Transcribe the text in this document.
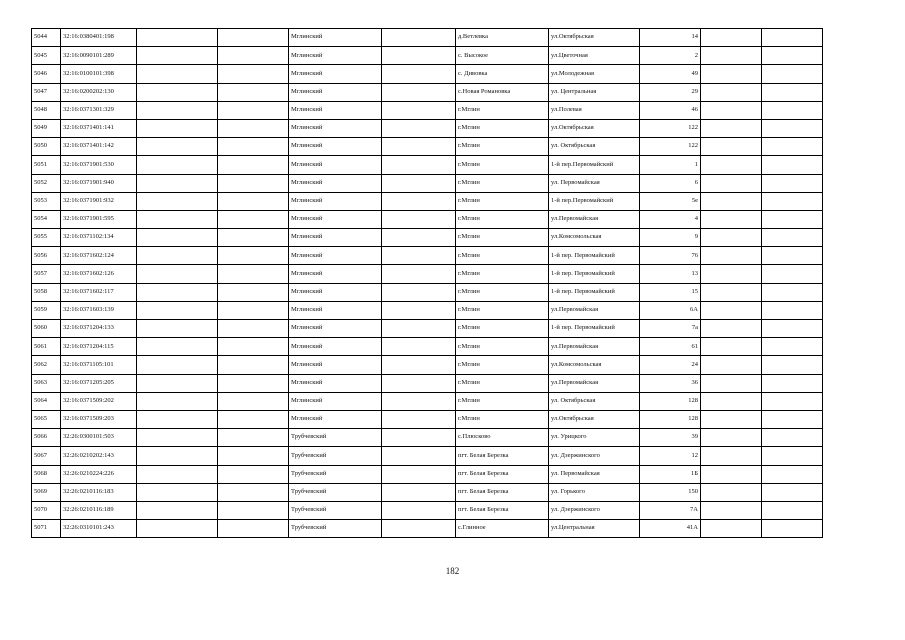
5044	32:16:0380401:198			Мглинский		д.Ветлевка	ул.Октябрьская	14		
5045	32:16:0090101:289			Мглинский		с. Высокое	ул.Цветочная	2		
5046	32:16:0100101:398			Мглинский		с. Дивовка	ул.Молодежная	49		
5047	32:16:0200202:130			Мглинский		с.Новая Романовка	ул. Центральная	29		
5048	32:16:0371301:329			Мглинский		г.Мглин	ул.Полевая	46		
5049	32:16:0371401:141			Мглинский		г.Мглин	ул.Октябрьская	122		
5050	32:16:0371401:142			Мглинский		г.Мглин	ул. Октябрьская	122		
5051	32:16:0371901:530			Мглинский		г.Мглин	1-й пер.Первомайский	1		
5052	32:16:0371901:940			Мглинский		г.Мглин	ул. Первомайская	6		
5053	32:16:0371901:932			Мглинский		г.Мглин	1-й пер.Первомайский	5е		
5054	32:16:0371901:595			Мглинский		г.Мглин	ул.Первомайская	4		
5055	32:16:0371102:134			Мглинский		г.Мглин	ул.Комсомольская	9		
5056	32:16:0371602:124			Мглинский		г.Мглин	1-й пер. Первомайский	76		
5057	32:16:0371602:126			Мглинский		г.Мглин	1-й пер. Первомайский	13		
5058	32:16:0371602:117			Мглинский		г.Мглин	1-й пер. Первомайский	15		
5059	32:16:0371603:139			Мглинский		г.Мглин	ул.Первомайская	6А		
5060	32:16:0371204:133			Мглинский		г.Мглин	1-й пер. Первомайский	7а		
5061	32:16:0371204:115			Мглинский		г.Мглин	ул.Первомайская	61		
5062	32:16:0371105:101			Мглинский		г.Мглин	ул.Комсомольская	24		
5063	32:16:0371205:205			Мглинский		г.Мглин	ул.Первомайская	36		
5064	32:16:0371509:202			Мглинский		г.Мглин	ул. Октябрьская	128		
5065	32:16:0371509:203			Мглинский		г.Мглин	ул.Октябрьская	128		
5066	32:26:0300101:503			Трубчевский		с.Плюсково	ул. Урицкого	39		
5067	32:26:0210202:143			Трубчевский		пгт. Белая Березка	ул. Дзержинского	12		
5068	32:26:0210224:226			Трубчевский		пгт. Белая Березка	ул. Первомайская	1Б		
5069	32:26:0210116:183			Трубчевский		пгт. Белая Березка	ул. Горького	150		
5070	32:26:0210116:189			Трубчевский		пгт. Белая Березка	ул. Дзержинского	7А		
5071	32:26:0310101:243			Трубчевский		с.Глинное	ул.Центральная	41А		
182
